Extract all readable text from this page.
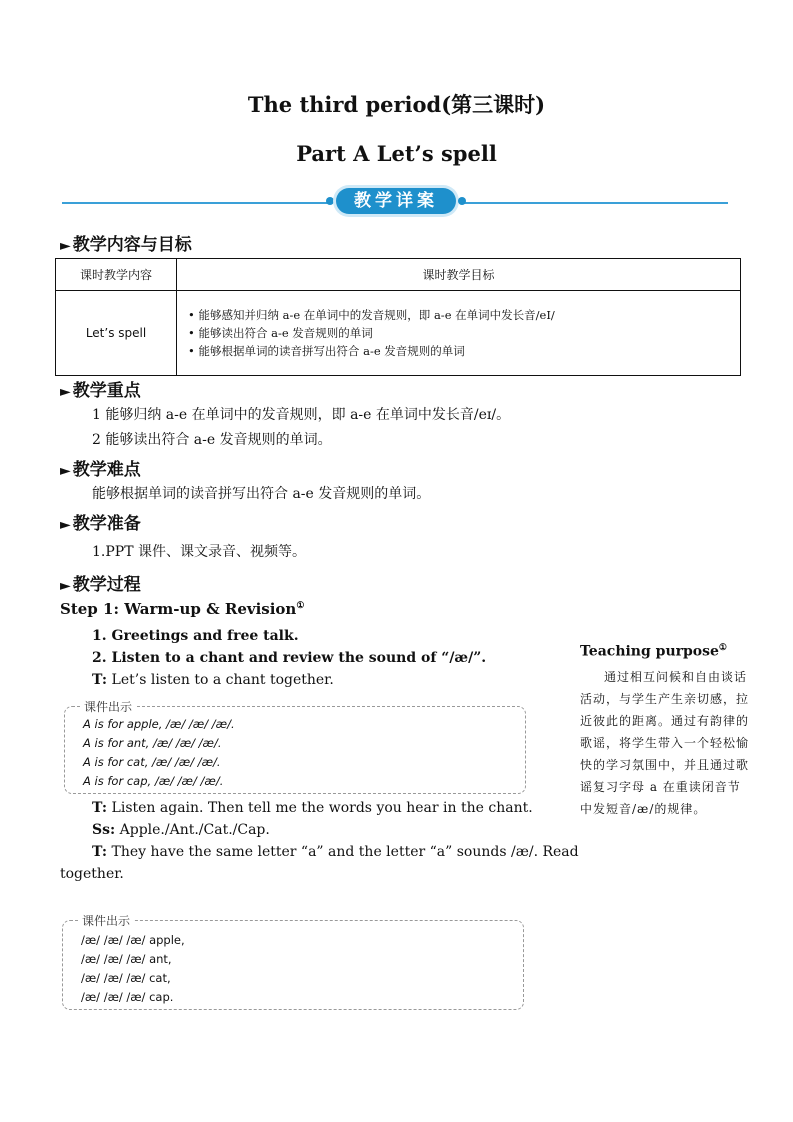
The third period(第三课时)
Part A Let’s spell
教学详案
► 教学内容与目标
课时教学内容	课时教学目标
Let’s spell	• 能够感知并归纳 a-e 在单词中的发音规则，即 a-e 在单词中发长音/eI/
• 能够读出符合 a-e 发音规则的单词
• 能够根据单词的读音拼写出符合 a-e 发音规则的单词
► 教学重点
1 能够归纳 a-e 在单词中的发音规则，即 a-e 在单词中发长音/eɪ/。
2 能够读出符合 a-e 发音规则的单词。
► 教学难点
能够根据单词的读音拼写出符合 a-e 发音规则的单词。
► 教学准备
1.PPT 课件、课文录音、视频等。
► 教学过程
Step 1: Warm-up & Revision①
1. Greetings and free talk.
2. Listen to a chant and review the sound of “/æ/”.
T: Let’s listen to a chant together.
课件出示
A is for apple, /æ/ /æ/ /æ/.
A is for ant, /æ/ /æ/ /æ/.
A is for cat, /æ/ /æ/ /æ/.
A is for cap, /æ/ /æ/ /æ/.
T: Listen again. Then tell me the words you hear in the chant.
Ss: Apple./Ant./Cat./Cap.
T: They have the same letter “a” and the letter “a” sounds /æ/. Read
together.
课件出示
/æ/ /æ/ /æ/ apple,
/æ/ /æ/ /æ/ ant,
/æ/ /æ/ /æ/ cat,
/æ/ /æ/ /æ/ cap.
Teaching purpose①
通过相互问候和自由谈话活动，与学生产生亲切感，拉近彼此的距离。通过有韵律的歌谣，将学生带入一个轻松愉快的学习氛围中，并且通过歌谣复习字母 a 在重读闭音节中发短音/æ/的规律。
